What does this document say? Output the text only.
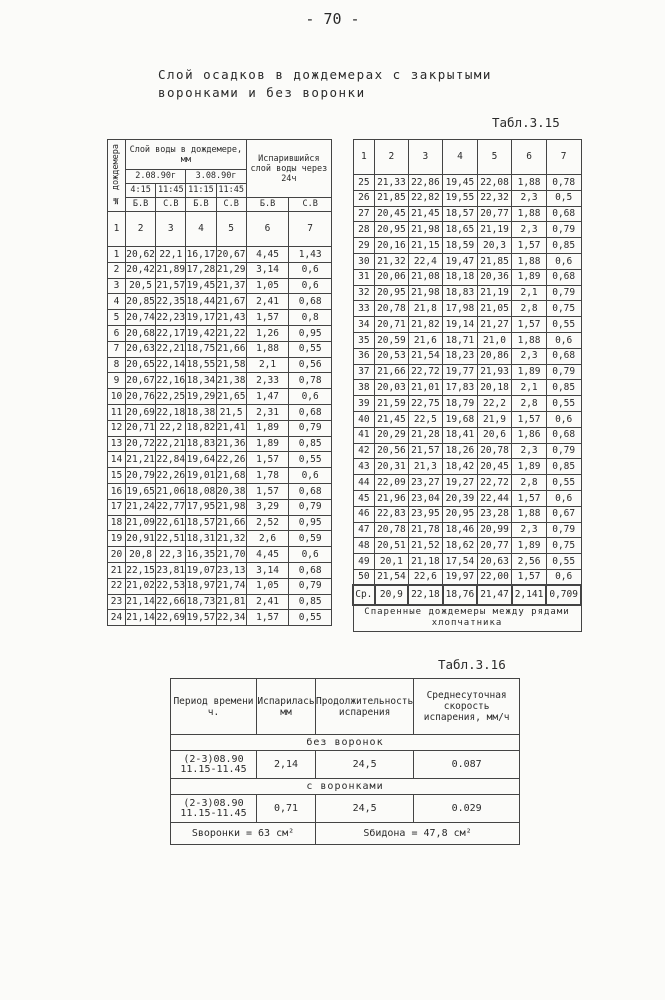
- 70 -
Слой осадков в дождемерах с закрытыми
воронками и без воронки
Табл.3.15
№ дождемера	Слой воды в дождемере, мм				Испарившийся слой воды через 24ч	
	2.08.90г		3.08.90г			
	4:15	11:45	11:15	11:45		
	Б.В	С.В	Б.В	С.В	Б.В	С.В
1	2	3	4	5	6	7
1	20,62	22,1	16,17	20,67	4,45	1,43
2	20,42	21,89	17,28	21,29	3,14	0,6
3	20,5	21,57	19,45	21,37	1,05	0,6
4	20,85	22,35	18,44	21,67	2,41	0,68
5	20,74	22,23	19,17	21,43	1,57	0,8
6	20,68	22,17	19,42	21,22	1,26	0,95
7	20,63	22,21	18,75	21,66	1,88	0,55
8	20,65	22,14	18,55	21,58	2,1	0,56
9	20,67	22,16	18,34	21,38	2,33	0,78
10	20,76	22,25	19,29	21,65	1,47	0,6
11	20,69	22,18	18,38	21,5	2,31	0,68
12	20,71	22,2	18,82	21,41	1,89	0,79
13	20,72	22,21	18,83	21,36	1,89	0,85
14	21,21	22,84	19,64	22,26	1,57	0,55
15	20,79	22,26	19,01	21,68	1,78	0,6
16	19,65	21,06	18,08	20,38	1,57	0,68
17	21,24	22,77	17,95	21,98	3,29	0,79
18	21,09	22,61	18,57	21,66	2,52	0,95
19	20,91	22,51	18,31	21,32	2,6	0,59
20	20,8	22,3	16,35	21,70	4,45	0,6
21	22,15	23,81	19,07	23,13	3,14	0,68
22	21,02	22,53	18,97	21,74	1,05	0,79
23	21,14	22,66	18,73	21,81	2,41	0,85
24	21,14	22,69	19,57	22,34	1,57	0,55
1	2	3	4	5	6	7
25	21,33	22,86	19,45	22,08	1,88	0,78
26	21,85	22,82	19,55	22,32	2,3	0,5
27	20,45	21,45	18,57	20,77	1,88	0,68
28	20,95	21,98	18,65	21,19	2,3	0,79
29	20,16	21,15	18,59	20,3	1,57	0,85
30	21,32	22,4	19,47	21,85	1,88	0,6
31	20,06	21,08	18,18	20,36	1,89	0,68
32	20,95	21,98	18,83	21,19	2,1	0,79
33	20,78	21,8	17,98	21,05	2,8	0,75
34	20,71	21,82	19,14	21,27	1,57	0,55
35	20,59	21,6	18,71	21,0	1,88	0,6
36	20,53	21,54	18,23	20,86	2,3	0,68
37	21,66	22,72	19,77	21,93	1,89	0,79
38	20,03	21,01	17,83	20,18	2,1	0,85
39	21,59	22,75	18,79	22,2	2,8	0,55
40	21,45	22,5	19,68	21,9	1,57	0,6
41	20,29	21,28	18,41	20,6	1,86	0,68
42	20,56	21,57	18,26	20,78	2,3	0,79
43	20,31	21,3	18,42	20,45	1,89	0,85
44	22,09	23,27	19,27	22,72	2,8	0,55
45	21,96	23,04	20,39	22,44	1,57	0,6
46	22,83	23,95	20,95	23,28	1,88	0,67
47	20,78	21,78	18,46	20,99	2,3	0,79
48	20,51	21,52	18,62	20,77	1,89	0,75
49	20,1	21,18	17,54	20,63	2,56	0,55
50	21,54	22,6	19,97	22,00	1,57	0,6
Ср.	20,9	22,18	18,76	21,47	2,141	0,709
Спаренные дождемеры между рядами хлопчатника						
Табл.3.16
Период времени ч.	Испарилась мм	Продолжительность испарения	Среднесуточная скорость испарения, мм/ч
без воронок			
(2-3)08.90 11.15-11.45	2,14	24,5	0.087
с воронками			
(2-3)08.90 11.15-11.45	0,71	24,5	0.029
Sворонки = 63 см²		Sбидона = 47,8 см²	
